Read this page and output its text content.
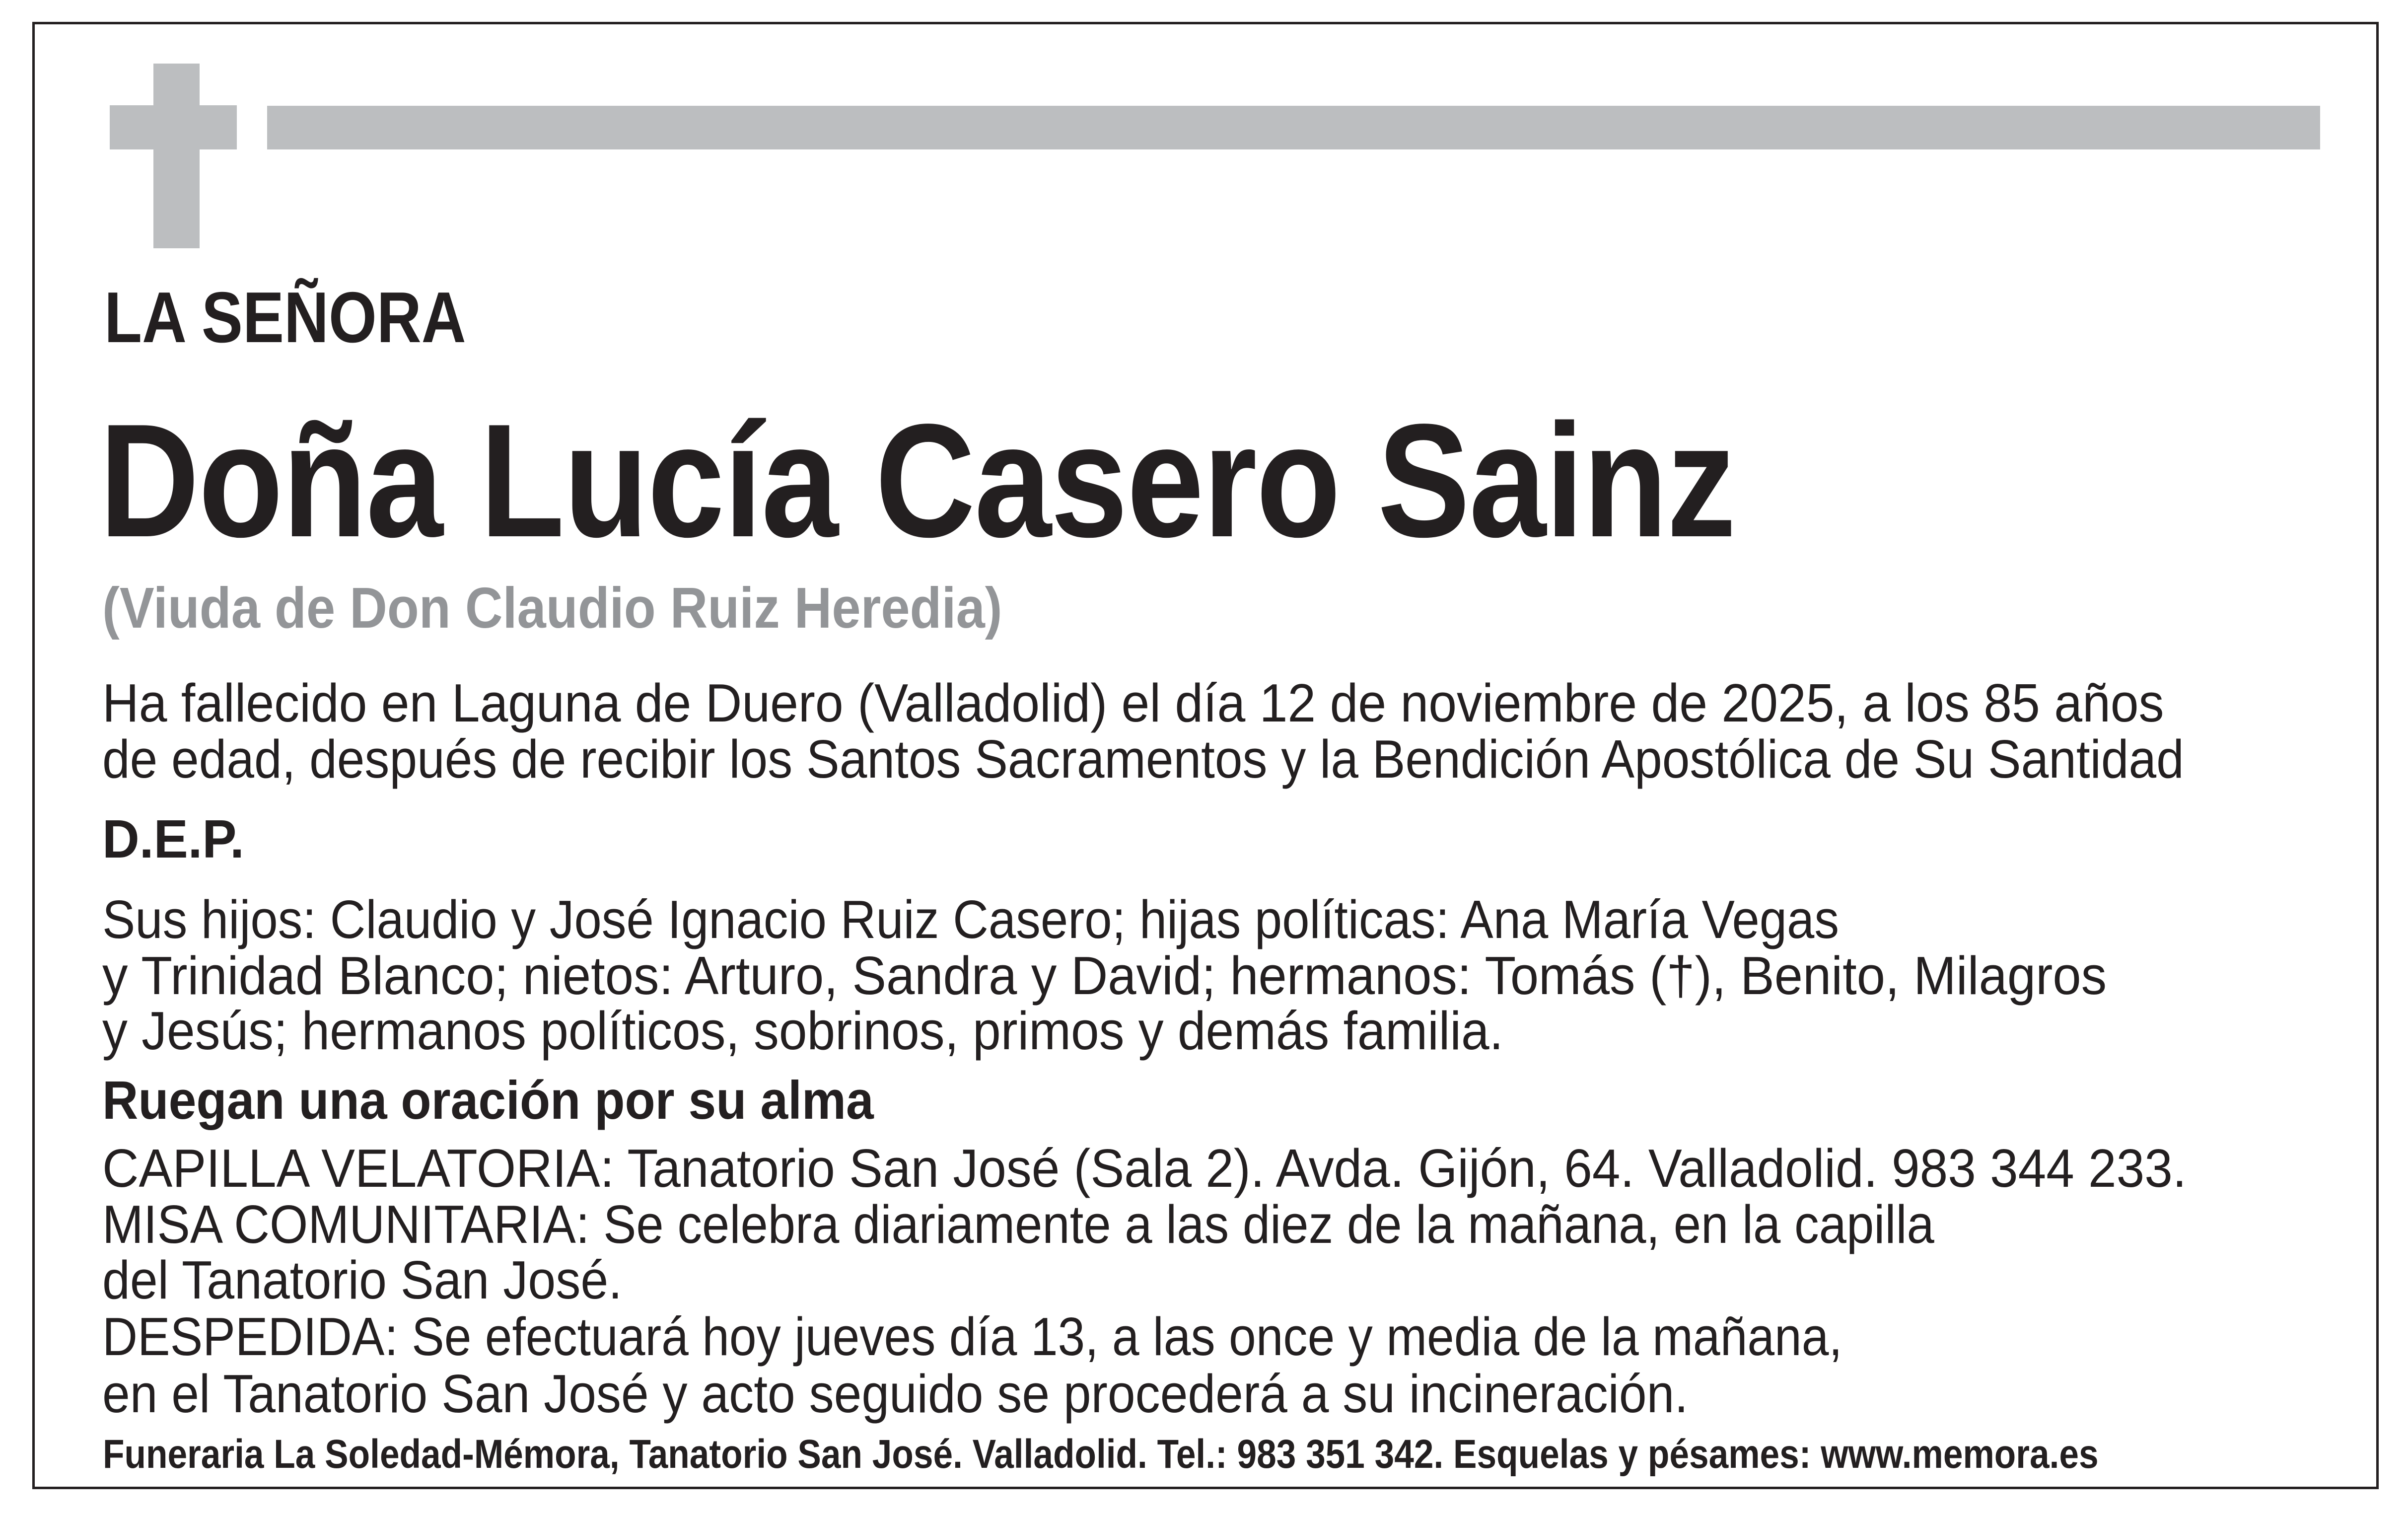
LA SEÑORA
Doña Lucía Casero Sainz
(Viuda de Don Claudio Ruiz Heredia)
Ha fallecido en Laguna de Duero (Valladolid) el día 12 de noviembre de 2025, a los 85 años
de edad, después de recibir los Santos Sacramentos y la Bendición Apostólica de Su Santidad
D.E.P.
Sus hijos: Claudio y José Ignacio Ruiz Casero; hijas políticas: Ana María Vegas
y Trinidad Blanco; nietos: Arturo, Sandra y David; hermanos: Tomás (†), Benito, Milagros
y Jesús; hermanos políticos, sobrinos, primos y demás familia.
Ruegan una oración por su alma
CAPILLA VELATORIA: Tanatorio San José (Sala 2). Avda. Gijón, 64. Valladolid. 983 344 233.
MISA COMUNITARIA: Se celebra diariamente a las diez de la mañana, en la capilla
del Tanatorio San José.
DESPEDIDA: Se efectuará hoy jueves día 13, a las once y media de la mañana,
en el Tanatorio San José y acto seguido se procederá a su incineración.
Funeraria La Soledad-Mémora, Tanatorio San José. Valladolid. Tel.: 983 351 342. Esquelas y pésames: www.memora.es
